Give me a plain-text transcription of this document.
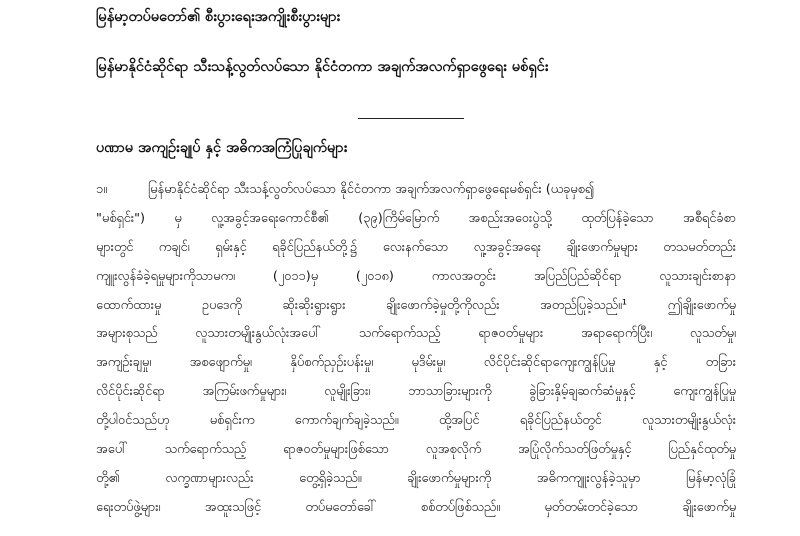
မြန်မာ့တပ်မတော်၏ စီးပွားရေးအကျိုးစီးပွားများ
မြန်မာနိုင်ငံဆိုင်ရာ သီးသန့်လွတ်လပ်သော နိုင်ငံတကာ အချက်အလက်ရှာဖွေရေး မစ်ရှင်း
ပဏာမ အကျဉ်းချုပ် နှင့် အဓိကအကြံပြုချက်များ
၁။	မြန်မာနိုင်ငံဆိုင်ရာ သီးသန့်လွတ်လပ်သော နိုင်ငံတကာ အချက်အလက်ရှာဖွေရေးမစ်ရှင်း (ယခုမှစ၍
"မစ်ရှင်း") မှ လူ့အခွင့်အရေးကောင်စီ၏ (၃၉)ကြိမ်မြောက် အစည်းအဝေးပွဲသို့ ထုတ်ပြန်ခဲ့သော အစီရင်ခံစာ
များတွင် ကချင်၊ ရှမ်းနှင့် ရခိုင်ပြည်နယ်တို့၌ လေးနက်သော လူ့အခွင့်အရေး ချိုးဖောက်မှုများ တသမတ်တည်း
ကျူးလွန်ခံခဲ့ရမှုများကိုသာမက၊ (၂၀၁၁)မှ (၂၀၁၈) ကာလအတွင်း အပြည်ပြည်ဆိုင်ရာ လူသားချင်းစာနာ
ထောက်ထားမှု ဥပဒေကို ဆိုးဆိုးရွားရွား ချိုးဖောက်ခဲ့မှုတို့ကိုလည်း အတည်ပြုခဲ့သည်။¹ ဤချိုးဖောက်မှု
အများစုသည် လူသားတမျိုးနွယ်လုံးအပေါ် သက်ရောက်သည့် ရာဇဝတ်မှုများ အရာရောက်ပြီး၊ လူသတ်မှု၊
အကျဉ်းချမှု၊ အစဖျောက်မှု၊ နှိပ်စက်ညှဉ်းပန်းမှု၊ မုဒိမ်းမှု၊ လိင်ပိုင်းဆိုင်ရာကျေးကျွန်ပြုမှု နှင့် တခြား
လိင်ပိုင်းဆိုင်ရာ အကြမ်းဖက်မှုများ၊ လူမျိုးခြား၊ ဘာသာခြားများကို ခွဲခြားနှိမ့်ချဆက်ဆံမှုနှင့် ကျေးကျွန်ပြုမှု
တို့ပါဝင်သည်ဟု မစ်ရှင်းက ကောက်ချက်ချခဲ့သည်။ ထို့အပြင် ရခိုင်ပြည်နယ်တွင် လူသားတမျိုးနွယ်လုံး
အပေါ် သက်ရောက်သည့် ရာဇဝတ်မှုများဖြစ်သော လူအစုလိုက် အပြုံလိုက်သတ်ဖြတ်မှုနှင့် ပြည်နှင်ထုတ်မှု
တို့၏ လက္ခဏာများလည်း တွေ့ရှိခဲ့သည်။ ချိုးဖောက်မှုများကို အဓိကကျူးလွန်ခဲ့သူမှာ မြန်မာ့လုံခြုံ
ရေးတပ်ဖွဲ့များ၊ အထူးသဖြင့် တပ်မတော်ခေါ် စစ်တပ်ဖြစ်သည်။ မှတ်တမ်းတင်ခဲ့သော ချိုးဖောက်မှု
